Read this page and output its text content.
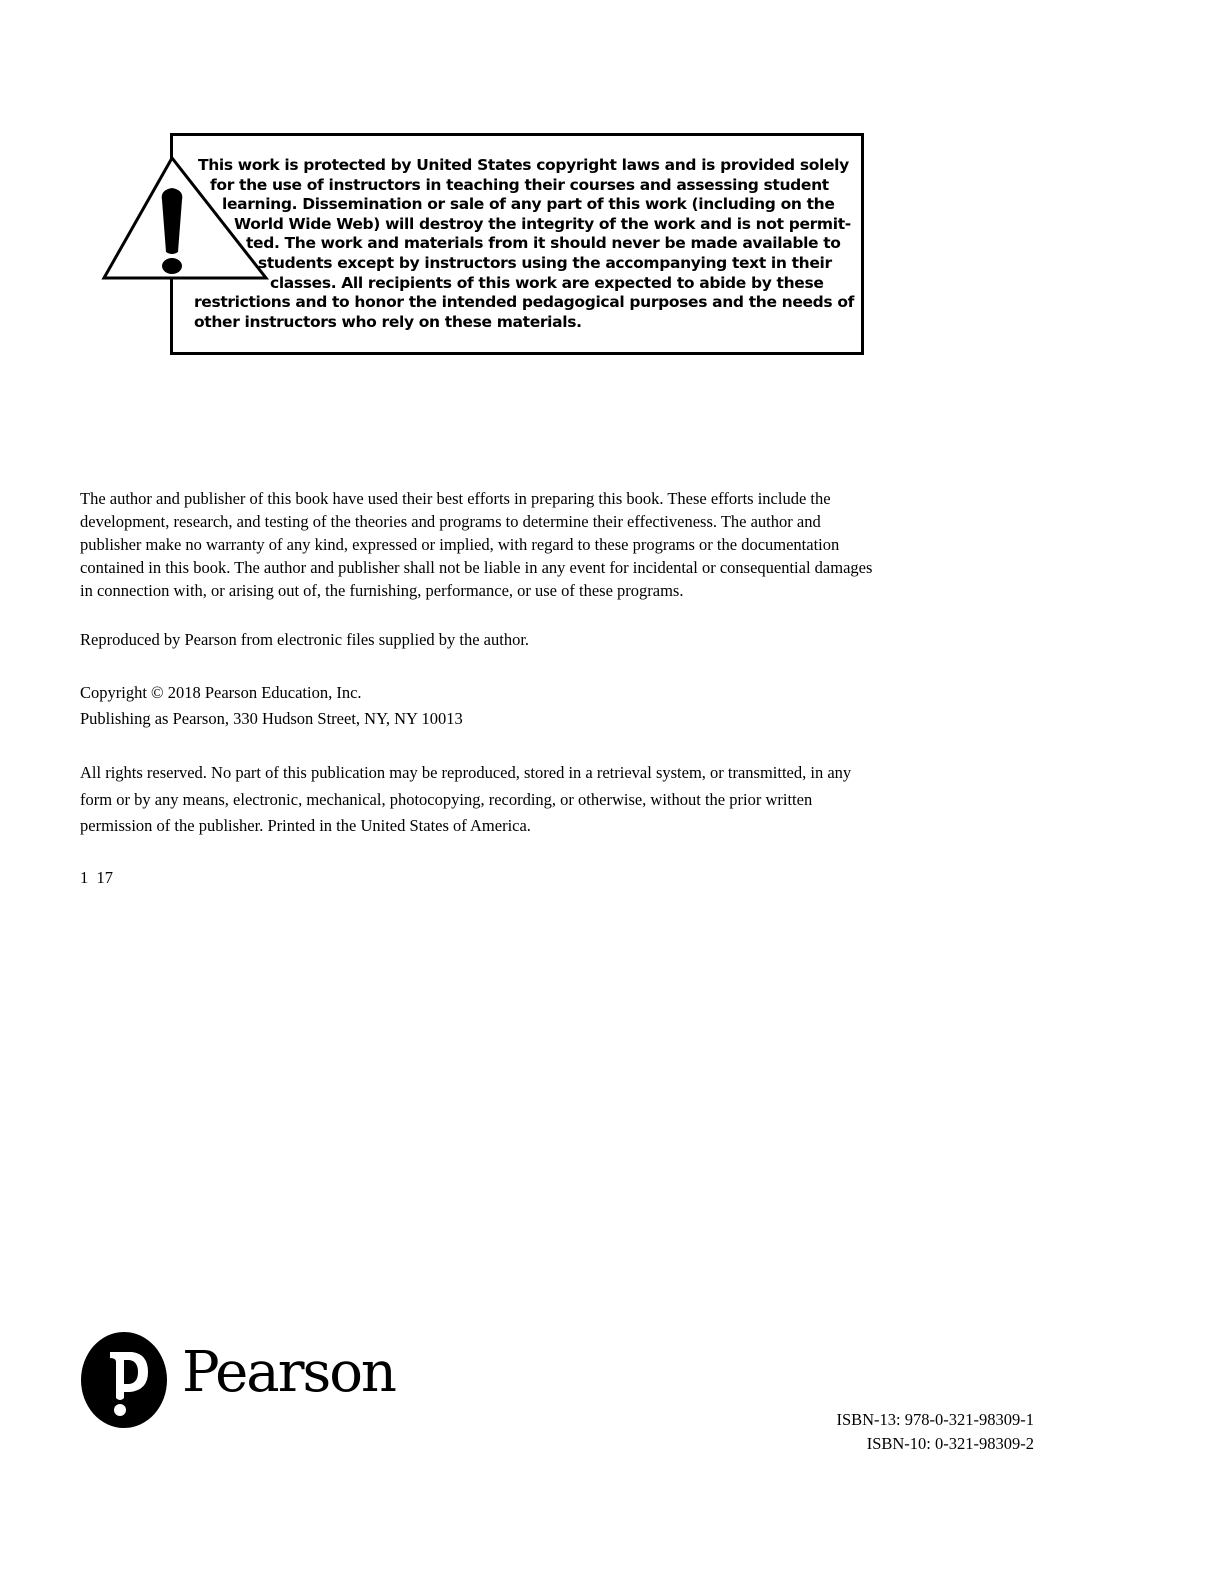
This work is protected by United States copyright laws and is provided solely
for the use of instructors in teaching their courses and assessing student
learning. Dissemination or sale of any part of this work (including on the
World Wide Web) will destroy the integrity of the work and is not permit-
ted. The work and materials from it should never be made available to
students except by instructors using the accompanying text in their
classes. All recipients of this work are expected to abide by these
restrictions and to honor the intended pedagogical purposes and the needs of
other instructors who rely on these materials.

The author and publisher of this book have used their best efforts in preparing this book. These efforts include the
development, research, and testing of the theories and programs to determine their effectiveness. The author and
publisher make no warranty of any kind, expressed or implied, with regard to these programs or the documentation
contained in this book. The author and publisher shall not be liable in any event for incidental or consequential damages
in connection with, or arising out of, the furnishing, performance, or use of these programs.

Reproduced by Pearson from electronic files supplied by the author.

Copyright © 2018 Pearson Education, Inc.
Publishing as Pearson, 330 Hudson Street, NY, NY 10013

All rights reserved. No part of this publication may be reproduced, stored in a retrieval system, or transmitted, in any
form or by any means, electronic, mechanical, photocopying, recording, or otherwise, without the prior written
permission of the publisher. Printed in the United States of America.

1  17

Pearson
ISBN-13: 978-0-321-98309-1
ISBN-10: 0-321-98309-2
